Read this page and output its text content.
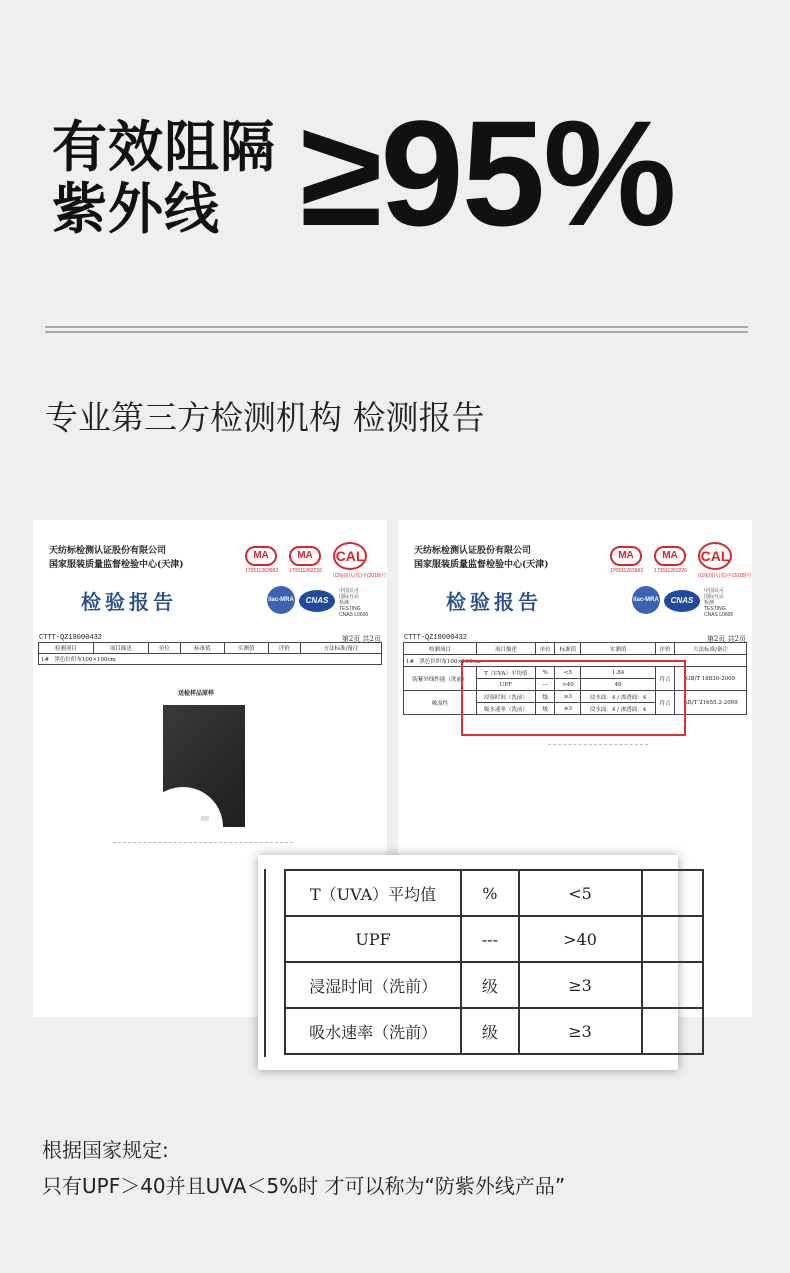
有效阻隔
紫外线 ≥95%
专业第三方检测机构 检测报告
天纺标检测认证股份有限公司
国家服装质量监督检验中心(天津)
检验报告
MA
170511263683
MA
170511262226
CAL
(CN)国认(监)字(2018)号
ilac-MRA	CNAS
中国认可
国际互认
检测
TESTING
CNAS L0606
CTTT-QZ18000432	第2页 共2页
检测项目	项目描述	单位	标准值	实测值	评价	方法标准/备注
1# 黑色针织布100×100cm
送检样品原样
天纺标检测认证股份有限公司
国家服装质量监督检验中心(天津)
检验报告
MA
170511263683
MA
170511262226
CAL
(CN)国认(监)字(2018)号
ilac-MRA	CNAS
中国认可
国际互认
检测
TESTING
CNAS L0606
CTTT-QZ18000432	第2页 共2页
检测项目	项目描述	单位	标准值	实测值	评价	方法标准/备注
1# 黑色针织布100×100cm						
防紫外线性能（洗前）	T（UVA）平均值	%	<5	1.84	符合	GB/T 18830-2009
	UPF	---	>40	46		
吸湿性	浸湿时间（洗前）	级	≥3	浸水面：4 / 渗透面：4	符合	GB/T 21655.2-2009
	吸水速率（洗前）	级	≥3	浸水面：4 / 渗透面：4		
T（UVA）平均值	%	<5	
UPF	---	>40	
浸湿时间（洗前）	级	≥3	
吸水速率（洗前）	级	≥3	
根据国家规定:
只有UPF＞40并且UVA＜5%时 才可以称为“防紫外线产品”
